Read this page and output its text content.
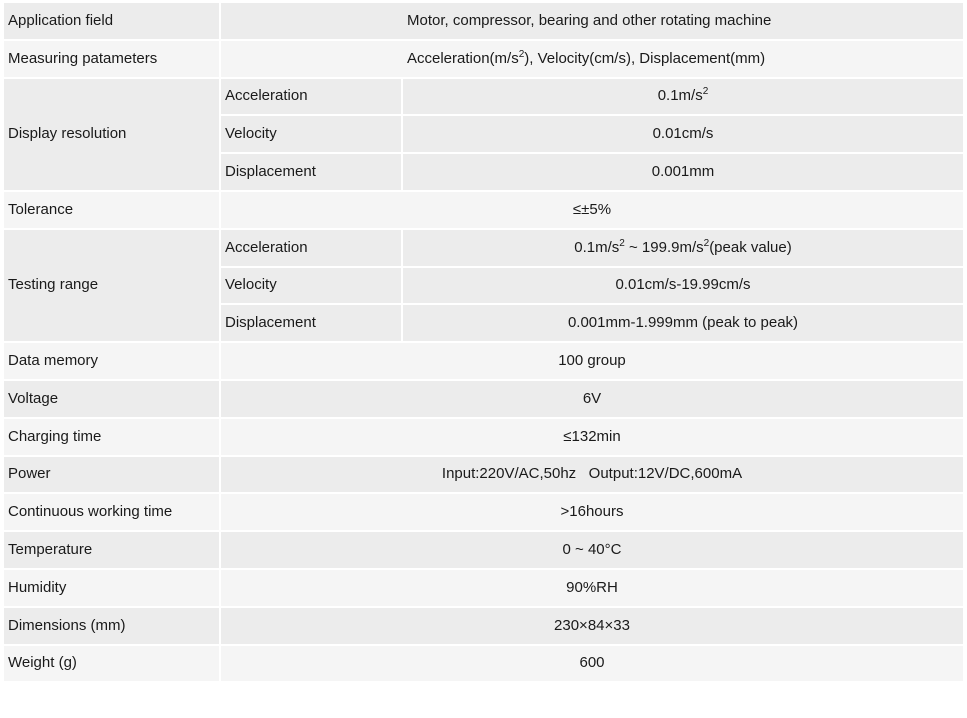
Application field	Motor, compressor, bearing and other rotating machine	
Measuring patameters	$Acceleration(m/s^2)$, Velocity(cm/s), Displacement(mm)	
Display resolution	Acceleration	$0.1m/s^2$
	Velocity	0.01cm/s
	Displacement	0.001mm
Tolerance	≤±5%	
Testing range	Acceleration	$0.1m/s^2$ ~ $199.9m/s^2(peak$ value)
	Velocity	0.01cm/s-19.99cm/s
	Displacement	0.001mm-1.999mm (peak to peak)
Data memory	100 group	
Voltage	6V	
Charging time	≤132min	
Power	Input:220V/AC,50hz   Output:12V/DC,600mA	
Continuous working time	>16hours	
Temperature	0 ~ 40°C	
Humidity	90%RH	
Dimensions (mm)	230×84×33	
Weight (g)	600	
